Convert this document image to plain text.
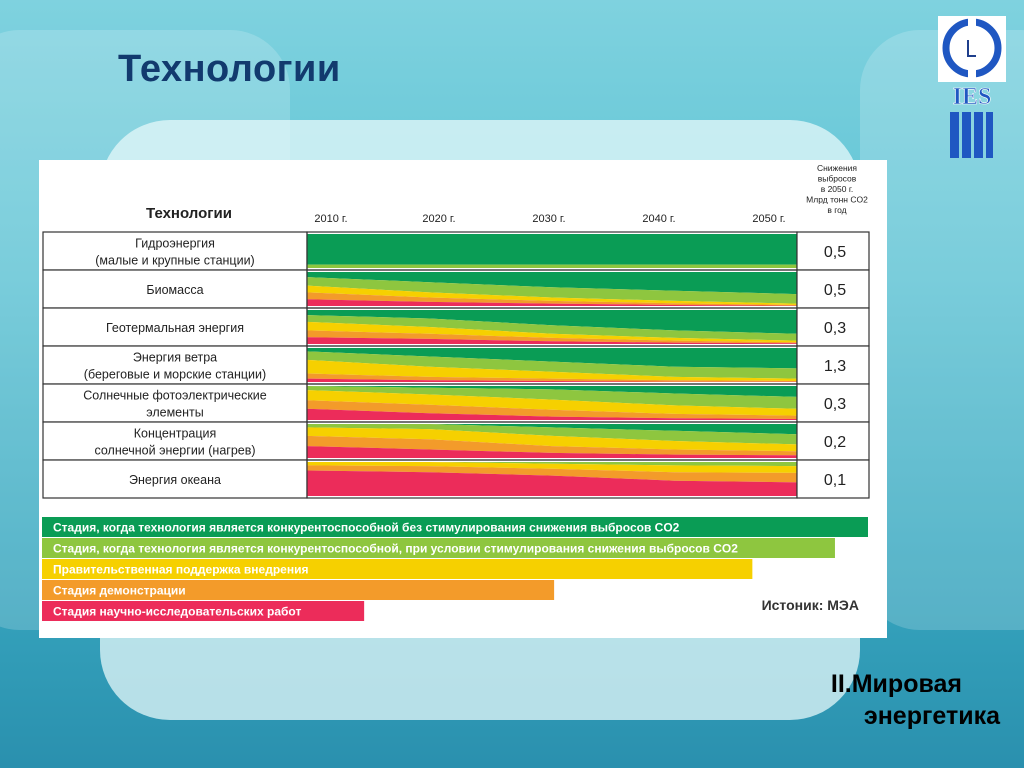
Технологии
IES
Технологии	2010 г.	2020 г.	2030 г.	2040 г.	2050 г.
Снижения
выбросов
в 2050 г.
Млрд тонн CO2
в год
Гидроэнергия
(малые и крупные станции)	0,5
Биомасса	0,5
Геотермальная энергия	0,3
Энергия ветра
(береговые и морские станции)	1,3
Солнечные фотоэлектрические
элементы	0,3
Концентрация
солнечной энергии (нагрев)	0,2
Энергия океана	0,1
Стадия, когда технология является конкурентоспособной без стимулирования снижения выбросов CO2
Стадия, когда технология является конкурентоспособной, при условии стимулирования снижения выбросов CO2
Правительственная поддержка внедрения
Стадия демонстрации
Стадия научно-исследовательских работ	Истоник: МЭА
II.Мировая
энергетика
